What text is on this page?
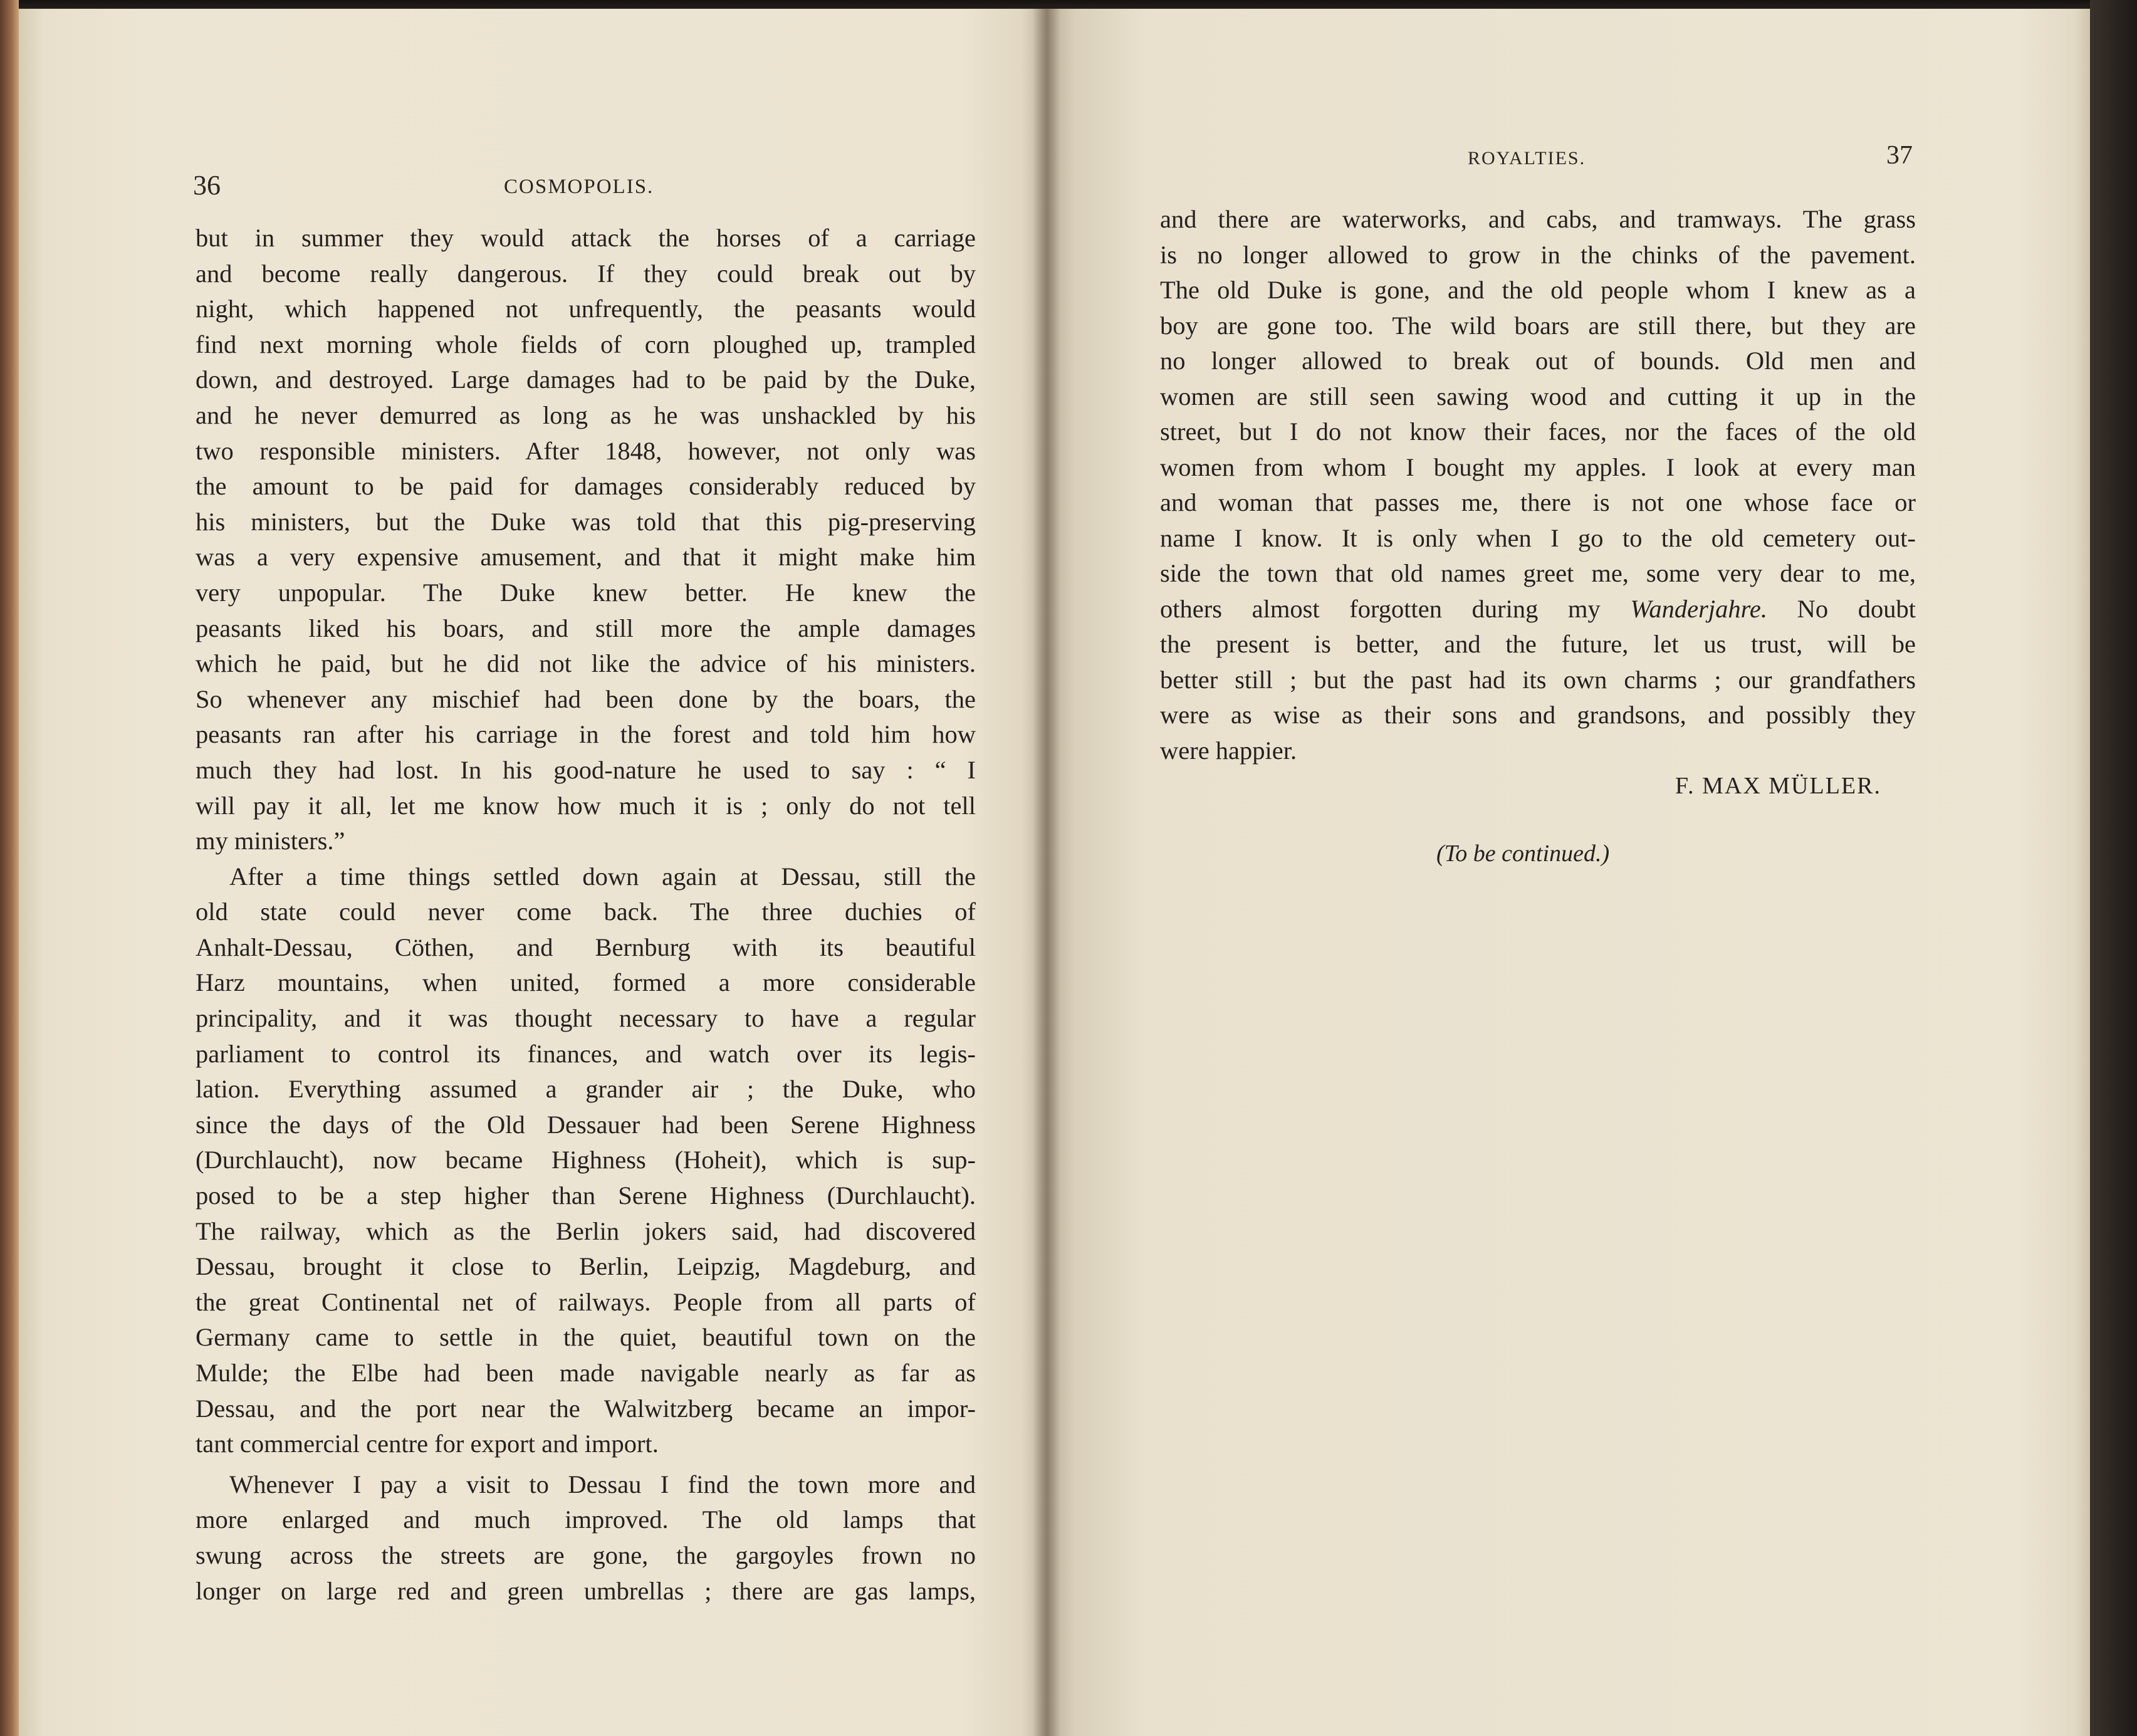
36	COSMOPOLIS.
but in summer they would attack the horses of a carriage
and become really dangerous. If they could break out by
night, which happened not unfrequently, the peasants would
find next morning whole fields of corn ploughed up, trampled
down, and destroyed. Large damages had to be paid by the Duke,
and he never demurred as long as he was unshackled by his
two responsible ministers. After 1848, however, not only was
the amount to be paid for damages considerably reduced by
his ministers, but the Duke was told that this pig-preserving
was a very expensive amusement, and that it might make him
very unpopular. The Duke knew better. He knew the
peasants liked his boars, and still more the ample damages
which he paid, but he did not like the advice of his ministers.
So whenever any mischief had been done by the boars, the
peasants ran after his carriage in the forest and told him how
much they had lost. In his good-nature he used to say : “ I
will pay it all, let me know how much it is ; only do not tell
my ministers.”
After a time things settled down again at Dessau, still the
old state could never come back. The three duchies of
Anhalt-Dessau, Cöthen, and Bernburg with its beautiful
Harz mountains, when united, formed a more considerable
principality, and it was thought necessary to have a regular
parliament to control its finances, and watch over its legis-
lation. Everything assumed a grander air ; the Duke, who
since the days of the Old Dessauer had been Serene Highness
(Durchlaucht), now became Highness (Hoheit), which is sup-
posed to be a step higher than Serene Highness (Durchlaucht).
The railway, which as the Berlin jokers said, had discovered
Dessau, brought it close to Berlin, Leipzig, Magdeburg, and
the great Continental net of railways. People from all parts of
Germany came to settle in the quiet, beautiful town on the
Mulde; the Elbe had been made navigable nearly as far as
Dessau, and the port near the Walwitzberg became an impor-
tant commercial centre for export and import.
Whenever I pay a visit to Dessau I find the town more and
more enlarged and much improved. The old lamps that
swung across the streets are gone, the gargoyles frown no
longer on large red and green umbrellas ; there are gas lamps,
ROYALTIES.	37
and there are waterworks, and cabs, and tramways. The grass
is no longer allowed to grow in the chinks of the pavement.
The old Duke is gone, and the old people whom I knew as a
boy are gone too. The wild boars are still there, but they are
no longer allowed to break out of bounds. Old men and
women are still seen sawing wood and cutting it up in the
street, but I do not know their faces, nor the faces of the old
women from whom I bought my apples. I look at every man
and woman that passes me, there is not one whose face or
name I know. It is only when I go to the old cemetery out-
side the town that old names greet me, some very dear to me,
others almost forgotten during my Wanderjahre. No doubt
the present is better, and the future, let us trust, will be
better still ; but the past had its own charms ; our grandfathers
were as wise as their sons and grandsons, and possibly they
were happier.
F. MAX MÜLLER.
(To be continued.)
